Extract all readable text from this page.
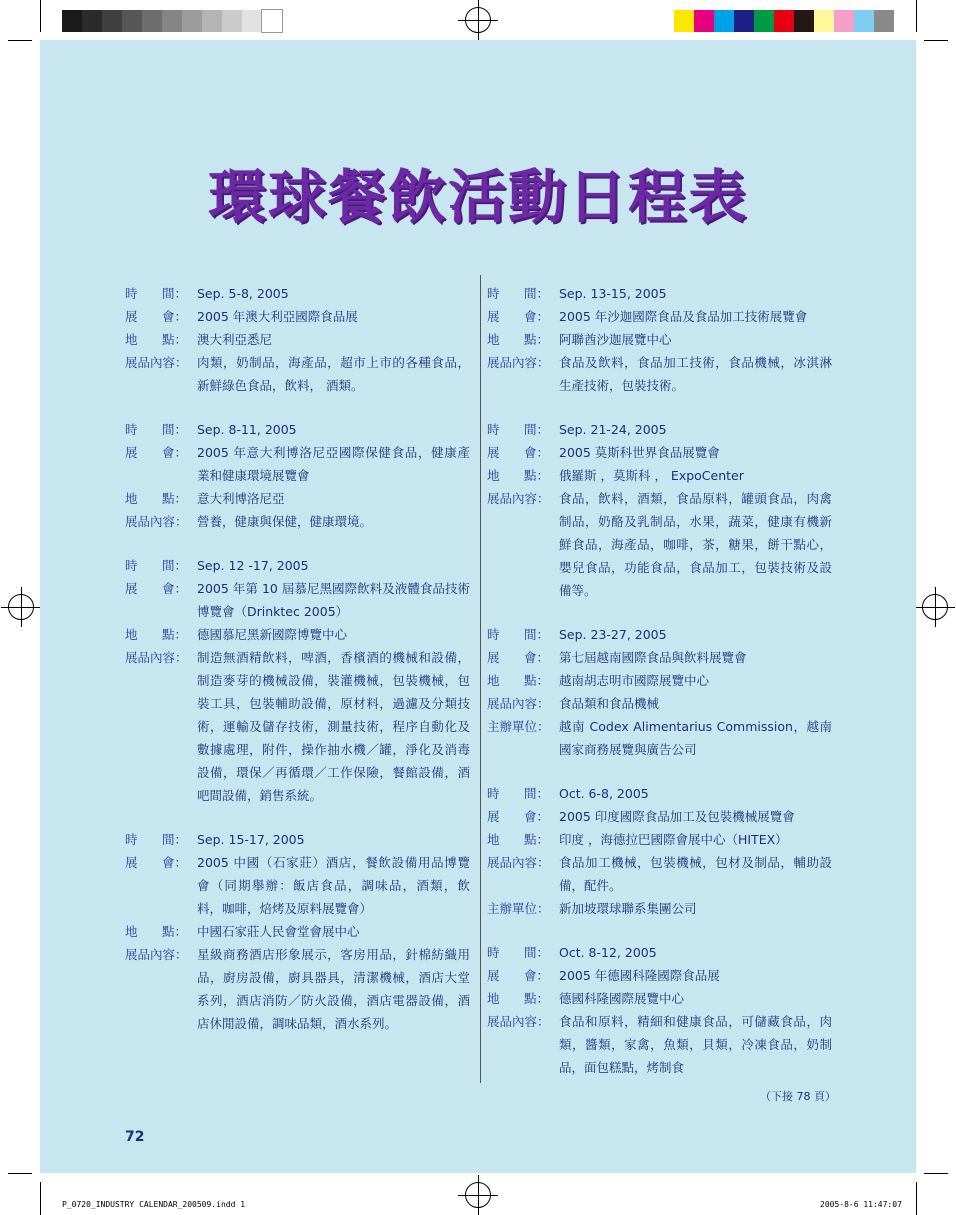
環球餐飲活動日程表
時 間： Sep. 5-8, 2005
展 會： 2005 年澳大利亞國際食品展
地 點： 澳大利亞悉尼
展品內容： 肉類，奶制品，海產品，超市上市的各種食品，新鮮綠色食品，飲料， 酒類。
時 間： Sep. 8-11, 2005
展 會： 2005 年意大利博洛尼亞國際保健食品，健康產業和健康環境展覽會
地 點： 意大利博洛尼亞
展品內容： 營養，健康與保健，健康環境。
時 間： Sep. 12 -17, 2005
展 會： 2005 年第 10 屆慕尼黑國際飲料及液體食品技術博覽會（Drinktec 2005）
地 點： 德國慕尼黑新國際博覽中心
展品內容： 制造無酒精飲料，啤酒，香檳酒的機械和設備，制造麥芽的機械設備，裝灌機械，包裝機械，包裝工具，包裝輔助設備，原材料，過濾及分類技術，運輸及儲存技術，測量技術，程序自動化及數據處理，附件，操作抽水機／罐，淨化及消毒設備，環保／再循環／工作保險，餐館設備，酒吧間設備，銷售系統。
時 間： Sep. 15-17, 2005
展 會： 2005 中國（石家莊）酒店，餐飲設備用品博覽會（同期舉辦：飯店食品，調味品，酒類，飲料，咖啡，焙烤及原料展覽會）
地 點： 中國石家莊人民會堂會展中心
展品內容： 星級商務酒店形象展示，客房用品，針棉紡織用品，廚房設備，廚具器具，清潔機械，酒店大堂系列，酒店消防／防火設備，酒店電器設備，酒店休閒設備，調味品類，酒水系列。
時 間： Sep. 13-15, 2005
展 會： 2005 年沙迦國際食品及食品加工技術展覽會
地 點： 阿聯酋沙迦展覽中心
展品內容： 食品及飲料，食品加工技術，食品機械，冰淇淋生產技術，包裝技術。
時 間： Sep. 21-24, 2005
展 會： 2005 莫斯科世界食品展覽會
地 點： 俄羅斯 ，莫斯科 ， ExpoCenter
展品內容： 食品，飲料，酒類，食品原料，罐頭食品，肉禽制品，奶酪及乳制品，水果，蔬菜，健康有機新鮮食品，海產品，咖啡，茶，糖果，餅干點心，嬰兒食品，功能食品，食品加工，包裝技術及設備等。
時 間： Sep. 23-27, 2005
展 會： 第七屆越南國際食品與飲料展覽會
地 點： 越南胡志明市國際展覽中心
展品內容： 食品類和食品機械
主辦單位： 越南 Codex Alimentarius Commission，越南國家商務展覽與廣告公司
時 間： Oct. 6-8, 2005
展 會： 2005 印度國際食品加工及包裝機械展覽會
地 點： 印度 ，海德拉巴國際會展中心（HITEX）
展品內容： 食品加工機械，包裝機械，包材及制品，輔助設備，配件。
主辦單位： 新加坡環球聯系集團公司
時 間： Oct. 8-12, 2005
展 會： 2005 年德國科隆國際食品展
地 點： 德國科隆國際展覽中心
展品內容： 食品和原料，精細和健康食品，可儲藏食品，肉類，醬類，家禽，魚類，貝類，冷凍食品，奶制品，面包糕點，烤制食
（下接 78 頁）
72
P_0720_INDUSTRY CALENDAR_200509.indd 1	2005-8-6 11:47:07
